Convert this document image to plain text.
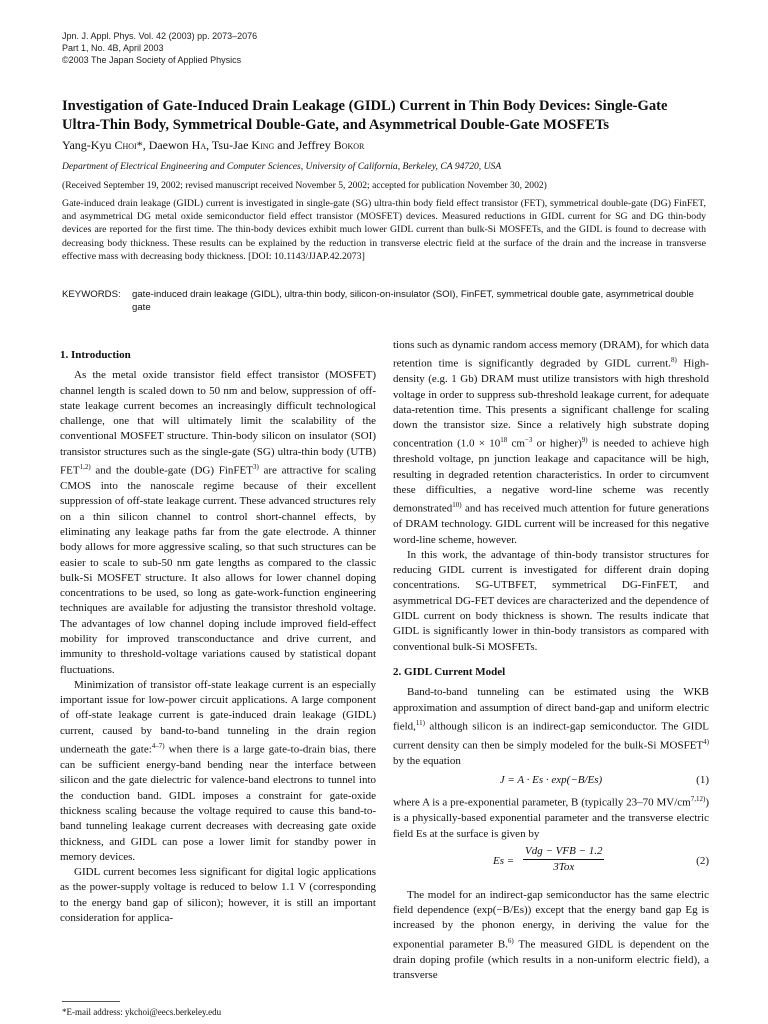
Jpn. J. Appl. Phys. Vol. 42 (2003) pp. 2073–2076
Part 1, No. 4B, April 2003
©2003 The Japan Society of Applied Physics
Investigation of Gate-Induced Drain Leakage (GIDL) Current in Thin Body Devices: Single-Gate
Ultra-Thin Body, Symmetrical Double-Gate, and Asymmetrical Double-Gate MOSFETs
Yang-Kyu Choi*, Daewon Ha, Tsu-Jae King and Jeffrey Bokor
Department of Electrical Engineering and Computer Sciences, University of California, Berkeley, CA 94720, USA
(Received September 19, 2002; revised manuscript received November 5, 2002; accepted for publication November 30, 2002)
Gate-induced drain leakage (GIDL) current is investigated in single-gate (SG) ultra-thin body field effect transistor (FET), symmetrical double-gate (DG) FinFET, and asymmetrical DG metal oxide semiconductor field effect transistor (MOSFET) devices. Measured reductions in GIDL current for SG and DG thin-body devices are reported for the first time. The thin-body devices exhibit much lower GIDL current than bulk-Si MOSFETs, and the GIDL is found to decrease with decreasing body thickness. These results can be explained by the reduction in transverse electric field at the surface of the drain and the increase in transverse effective mass with decreasing body thickness. [DOI: 10.1143/JJAP.42.2073]
KEYWORDS:	gate-induced drain leakage (GIDL), ultra-thin body, silicon-on-insulator (SOI), FinFET, symmetrical double gate, asymmetrical double gate
1. Introduction

As the metal oxide transistor field effect transistor (MOSFET) channel length is scaled down to 50 nm and below, suppression of off-state leakage current becomes an increasingly difficult technological challenge, one that will ultimately limit the scalability of the conventional MOSFET structure. Thin-body silicon on insulator (SOI) transistor structures such as the single-gate (SG) ultra-thin body (UTB) FET$^{1,2)}$ and the double-gate (DG) FinFET$^{3)}$ are attractive for scaling CMOS into the nanoscale regime because of their excellent suppression of off-state leakage current. These advanced structures rely on a thin silicon channel to control short-channel effects, by eliminating any leakage paths far from the gate electrode. A thinner body allows for more aggressive scaling, so that such structures can be easier to scale to sub-50 nm gate lengths as compared to the classic bulk-Si MOSFET structure. It also allows for lower channel doping concentrations to be used, so long as gate-work-function engineering techniques are available for adjusting the transistor threshold voltage. The advantages of low channel doping include improved field-effect mobility for improved transconductance and drive current, and immunity to threshold-voltage variations caused by statistical dopant fluctuations.

Minimization of transistor off-state leakage current is an especially important issue for low-power circuit applications. A large component of off-state leakage current is gate-induced drain leakage (GIDL) current, caused by band-to-band tunneling in the drain region underneath the gate:$^{4-7)}$ when there is a large gate-to-drain bias, there can be sufficient energy-band bending near the interface between silicon and the gate dielectric for valence-band electrons to tunnel into the conduction band. GIDL imposes a constraint for gate-oxide thickness scaling because the voltage required to cause this band-to-band tunneling leakage current decreases with decreasing gate oxide thickness, and GIDL can pose a lower limit for standby power in memory devices.

GIDL current becomes less significant for digital logic applications as the power-supply voltage is reduced to below 1.1 V (corresponding to the energy band gap of silicon); however, it is still an important consideration for applica-

tions such as dynamic random access memory (DRAM), for which data retention time is significantly degraded by GIDL current.$^{8)}$ High-density (e.g. 1 Gb) DRAM must utilize transistors with high threshold voltage in order to suppress sub-threshold leakage current, for adequate data-retention time. This presents a significant challenge for scaling down the transistor size. Since a relatively high substrate doping concentration ($1.0 \times 10^{18}$ $cm^{-3}$ or higher)$^{9)}$ is needed to achieve high threshold voltage, pn junction leakage and capacitance will be high, resulting in degraded retention characteristics. In order to circumvent these difficulties, a negative word-line scheme was recently demonstrated$^{10)}$ and has received much attention for future generations of DRAM technology. GIDL current will be increased for this negative word-line scheme, however.

In this work, the advantage of thin-body transistor structures for reducing GIDL current is investigated for different drain doping concentrations. SG-UTBFET, symmetrical DG-FinFET, and asymmetrical DG-FET devices are characterized and the dependence of GIDL current on body thickness is shown. The results indicate that GIDL is significantly lower in thin-body transistors as compared with conventional bulk-Si MOSFETs.

2. GIDL Current Model

Band-to-band tunneling can be estimated using the WKB approximation and assumption of direct band-gap and uniform electric field,$^{11)}$ although silicon is an indirect-gap semiconductor. The GIDL current density can then be simply modeled for the bulk-Si MOSFET$^{4)}$ by the equation

J = A · Es · exp(−B/Es)	(1)

where A is a pre-exponential parameter, B (typically 23–70 MV/cm$^{7,12)}$) is a physically-based exponential parameter and the transverse electric field Es at the surface is given by

Es =
Vdg − VFB − 1.2
3Tox
(2)

The model for an indirect-gap semiconductor has the same electric field dependence (exp(−B/Es)) except that the energy band gap Eg is increased by the phonon energy, in deriving the value for the exponential parameter B.$^{6)}$ The measured GIDL is dependent on the drain doping profile (which results in a non-uniform electric field), a transverse

*E-mail address: ykchoi@eecs.berkeley.edu
